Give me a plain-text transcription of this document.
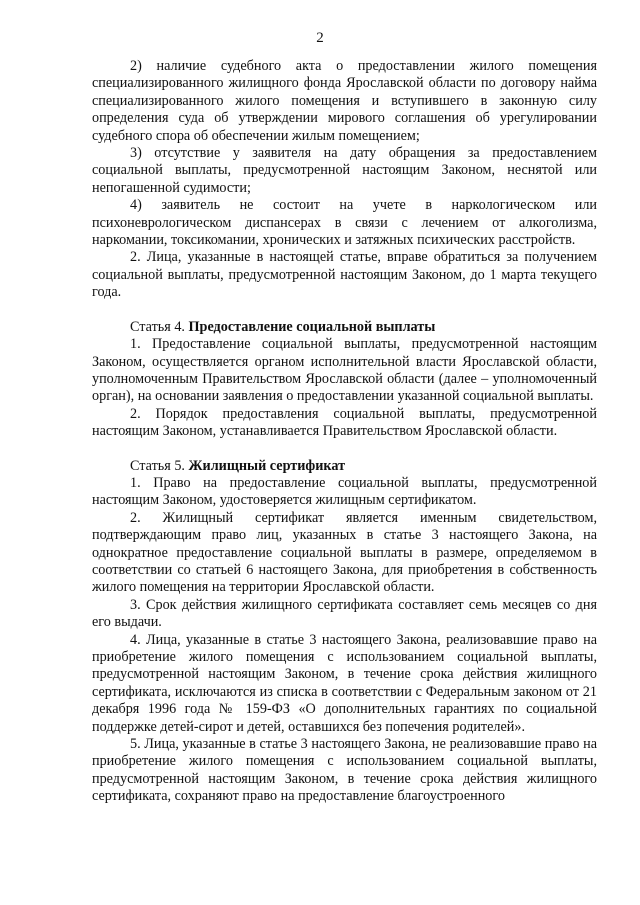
2

2) наличие судебного акта о предоставлении жилого помещения специализированного жилищного фонда Ярославской области по договору найма специализированного жилого помещения и вступившего в законную силу определения суда об утверждении мирового соглашения об урегулировании судебного спора об обеспечении жилым помещением;

3) отсутствие у заявителя на дату обращения за предоставлением социальной выплаты, предусмотренной настоящим Законом, неснятой или непогашенной судимости;

4) заявитель не состоит на учете в наркологическом или психоневрологическом диспансерах в связи с лечением от алкоголизма, наркомании, токсикомании, хронических и затяжных психических расстройств.

2. Лица, указанные в настоящей статье, вправе обратиться за получением социальной выплаты, предусмотренной настоящим Законом, до 1 марта текущего года.

Статья 4. Предоставление социальной выплаты

1. Предоставление социальной выплаты, предусмотренной настоящим Законом, осуществляется органом исполнительной власти Ярославской области, уполномоченным Правительством Ярославской области (далее – уполномоченный орган), на основании заявления о предоставлении указанной социальной выплаты.

2. Порядок предоставления социальной выплаты, предусмотренной настоящим Законом, устанавливается Правительством Ярославской области.

Статья 5. Жилищный сертификат

1. Право на предоставление социальной выплаты, предусмотренной настоящим Законом, удостоверяется жилищным сертификатом.

2. Жилищный сертификат является именным свидетельством, подтверждающим право лиц, указанных в статье 3 настоящего Закона, на однократное предоставление социальной выплаты в размере, определяемом в соответствии со статьей 6 настоящего Закона, для приобретения в собственность жилого помещения на территории Ярославской области.

3. Срок действия жилищного сертификата составляет семь месяцев со дня его выдачи.

4. Лица, указанные в статье 3 настоящего Закона, реализовавшие право на приобретение жилого помещения с использованием социальной выплаты, предусмотренной настоящим Законом, в течение срока действия жилищного сертификата, исключаются из списка в соответствии с Федеральным законом от 21 декабря 1996 года № 159-ФЗ «О дополнительных гарантиях по социальной поддержке детей-сирот и детей, оставшихся без попечения родителей».

5. Лица, указанные в статье 3 настоящего Закона, не реализовавшие право на приобретение жилого помещения с использованием социальной выплаты, предусмотренной настоящим Законом, в течение срока действия жилищного сертификата, сохраняют право на предоставление благоустроенного
